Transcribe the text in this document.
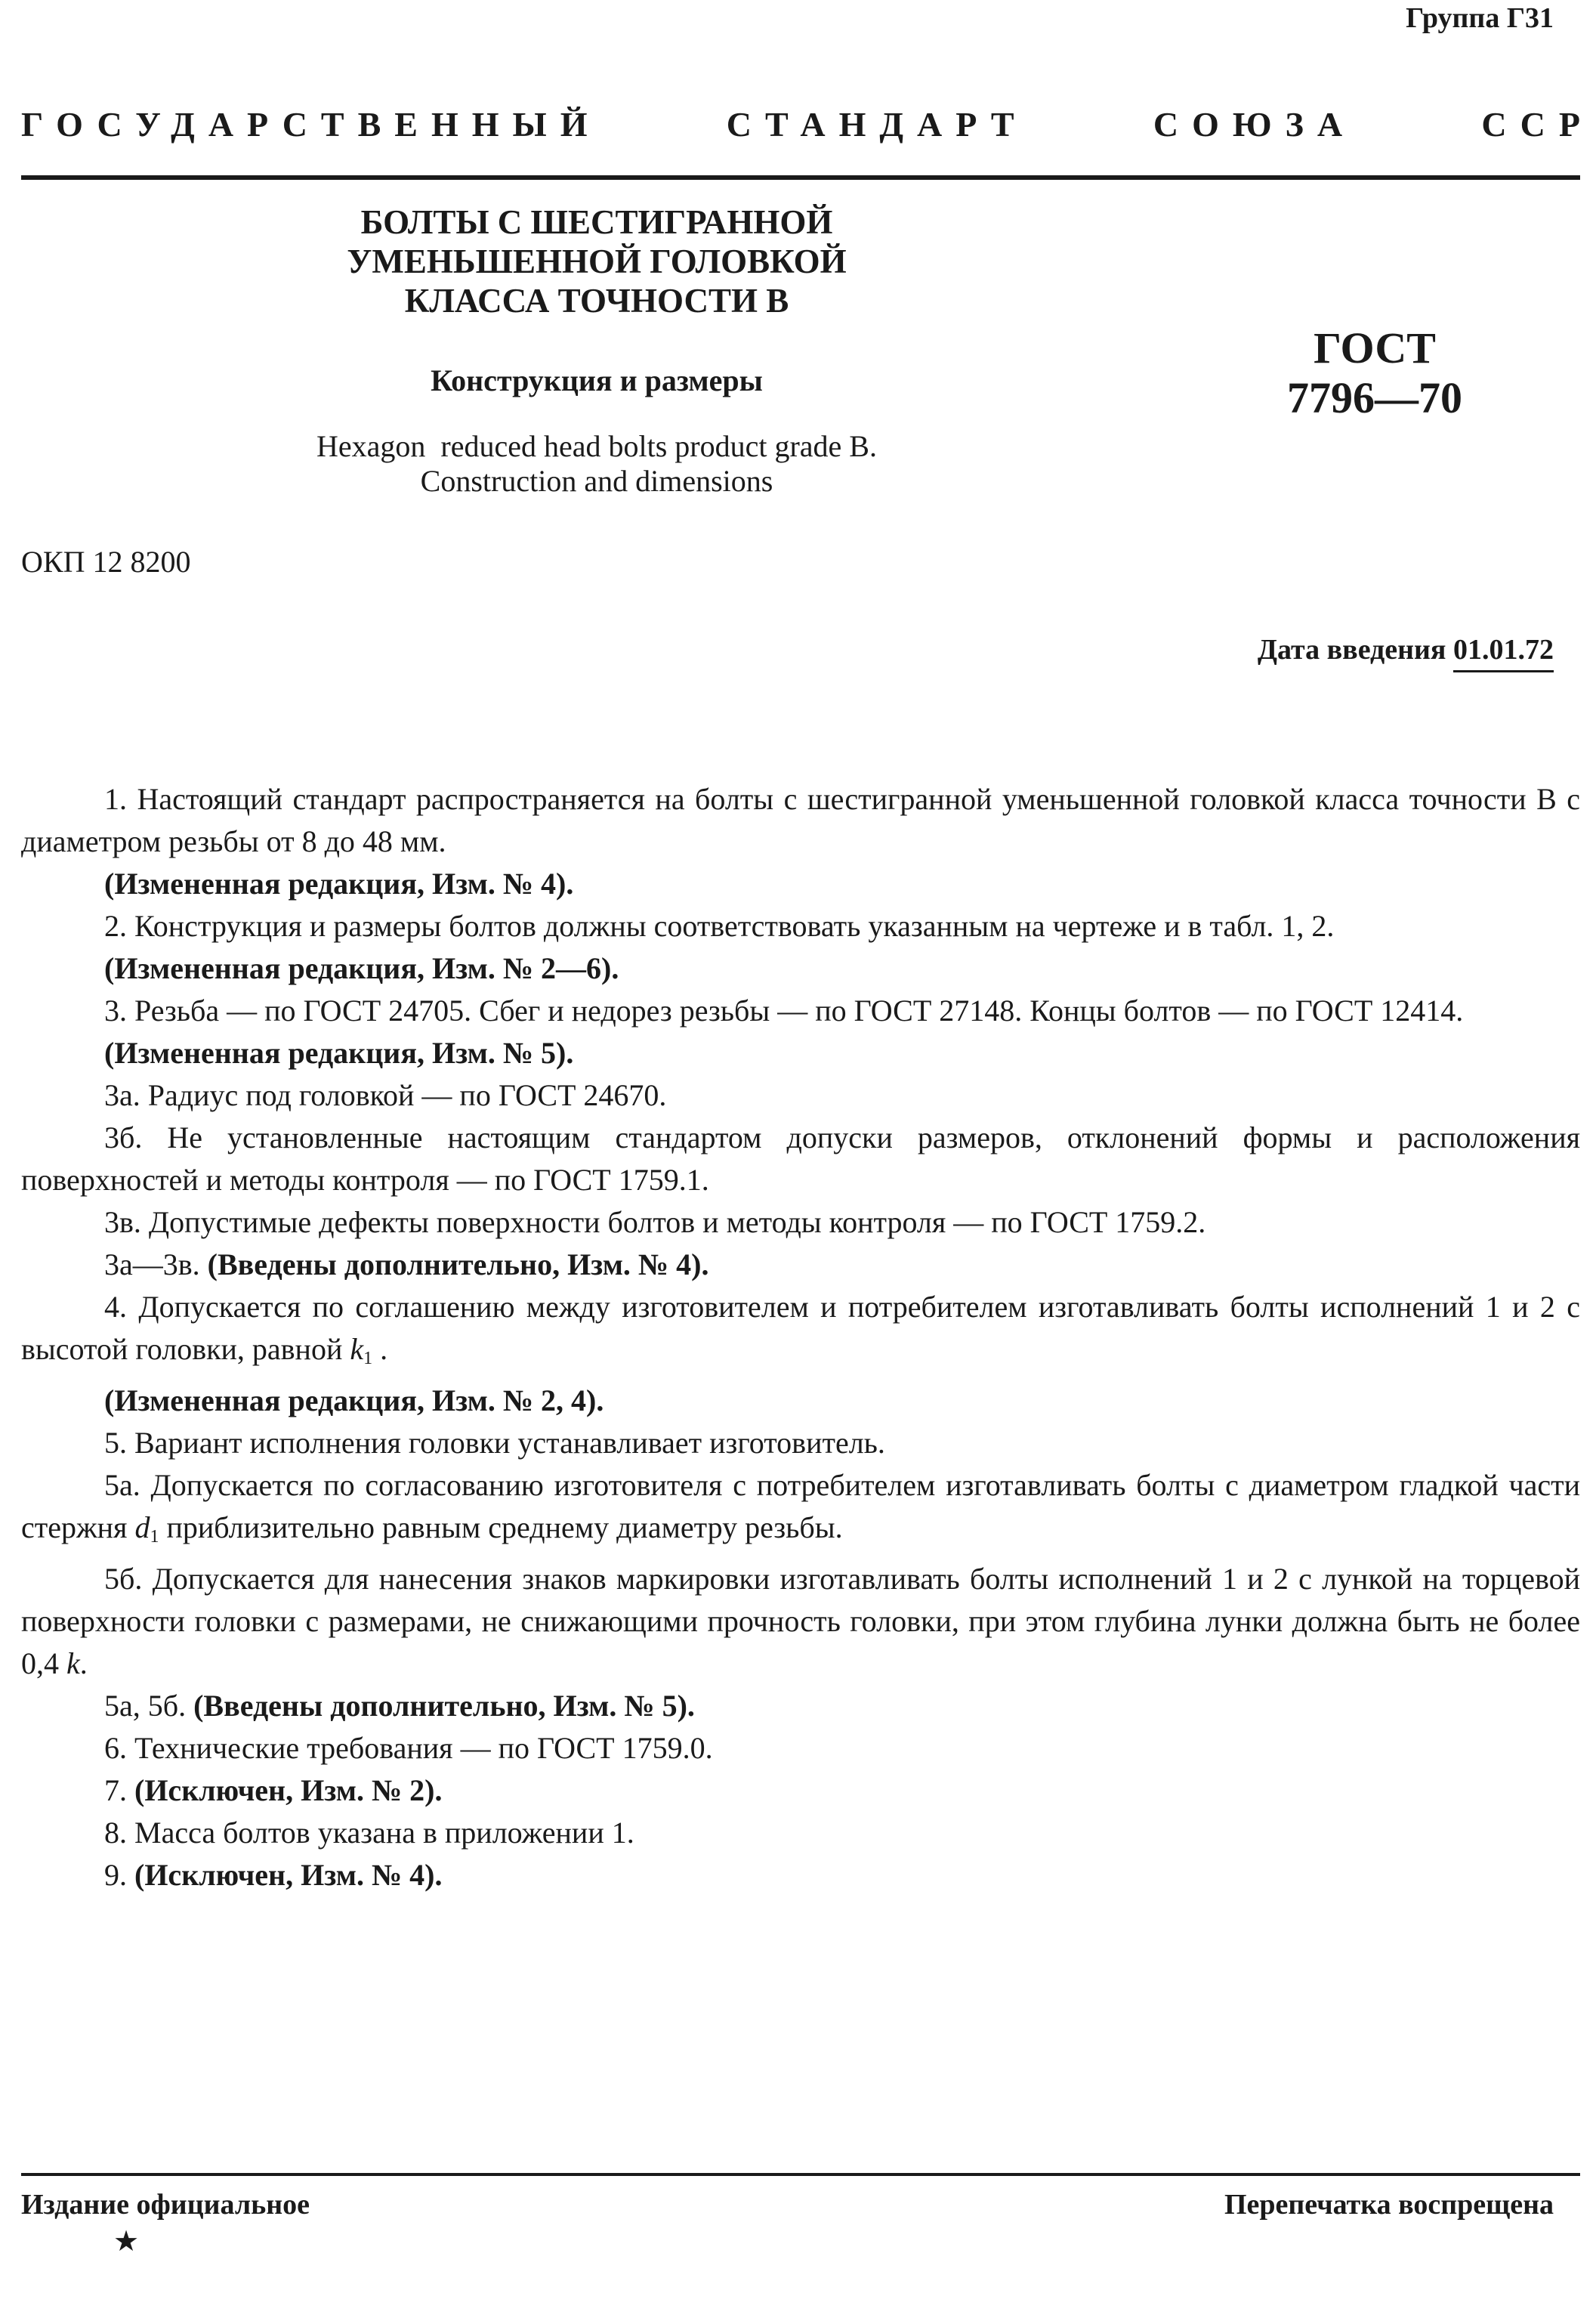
Группа Г31
ГОСУДАРСТВЕННЫЙ	СТАНДАРТ	СОЮЗА	ССР
БОЛТЫ С ШЕСТИГРАННОЙ
УМЕНЬШЕННОЙ ГОЛОВКОЙ
КЛАССА ТОЧНОСТИ В
Конструкция и размеры
Hexagon  reduced head bolts product grade B.
Construction and dimensions
ГОСТ
7796—70
ОКП 12 8200
Дата введения 01.01.72

1. Настоящий стандарт распространяется на болты с шестигранной уменьшенной головкой класса точности В с диаметром резьбы от 8 до 48 мм.

(Измененная редакция, Изм. № 4).

2. Конструкция и размеры болтов должны соответствовать указанным на чертеже и в табл. 1, 2.

(Измененная редакция, Изм. № 2—6).

3. Резьба — по ГОСТ 24705. Сбег и недорез резьбы — по ГОСТ 27148. Концы болтов — по ГОСТ 12414.

(Измененная редакция, Изм. № 5).

3а. Радиус под головкой — по ГОСТ 24670.

3б. Не установленные настоящим стандартом допуски размеров, отклонений формы и расположения поверхностей и методы контроля — по ГОСТ 1759.1.

3в. Допустимые дефекты поверхности болтов и методы контроля — по ГОСТ 1759.2.

3а—3в. (Введены дополнительно, Изм. № 4).

4. Допускается по соглашению между изготовителем и потребителем изготавливать болты исполнений 1 и 2 с высотой головки, равной $k_1$ .

(Измененная редакция, Изм. № 2, 4).

5. Вариант исполнения головки устанавливает изготовитель.

5а. Допускается по согласованию изготовителя с потребителем изготавливать болты с диаметром гладкой части стержня $d_1$ приблизительно равным среднему диаметру резьбы.

5б. Допускается для нанесения знаков маркировки изготавливать болты исполнений 1 и 2 с лункой на торцевой поверхности головки с размерами, не снижающими прочность головки, при этом глубина лунки должна быть не более 0,4 k.

5а, 5б. (Введены дополнительно, Изм. № 5).

6. Технические требования — по ГОСТ 1759.0.

7. (Исключен, Изм. № 2).

8. Масса болтов указана в приложении 1.

9. (Исключен, Изм. № 4).

Издание официальное	Перепечатка воспрещена
★
